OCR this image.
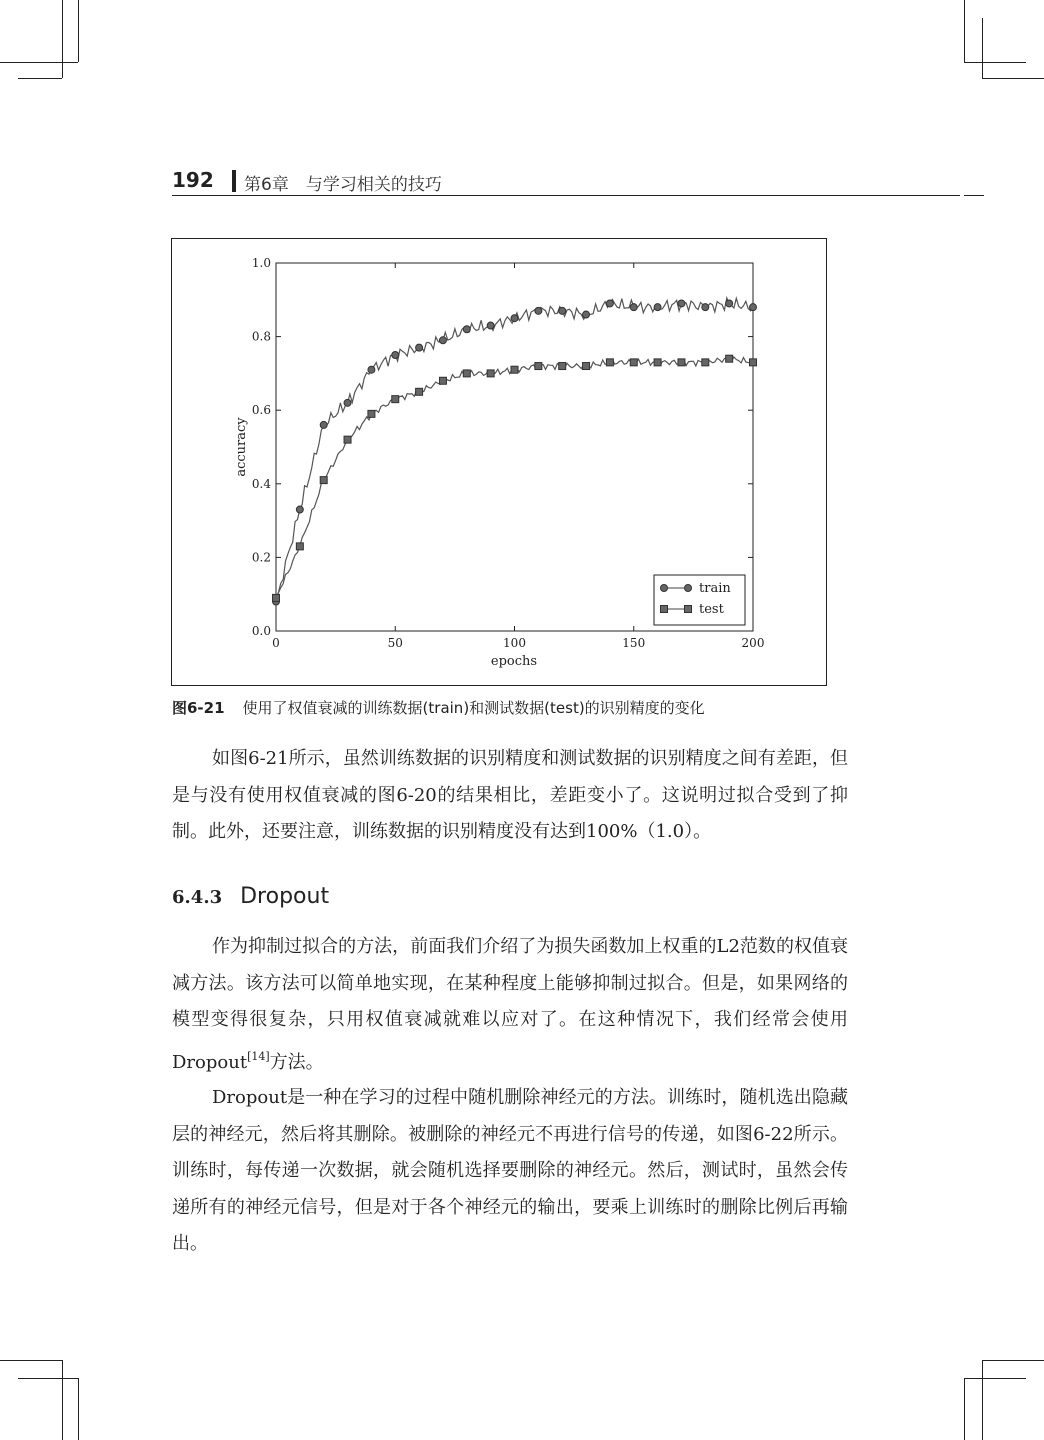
192 第6章　与学习相关的技巧
0	50	100	150	200
0.0
0.2
0.4
0.6
0.8
1.0
epochs
accuracy
train
test
图6-21 使用了权值衰减的训练数据(train)和测试数据(test)的识别精度的变化
如图6-21所示，虽然训练数据的识别精度和测试数据的识别精度之间有差距，但是与没有使用权值衰减的图6-20的结果相比，差距变小了。这说明过拟合受到了抑制。此外，还要注意，训练数据的识别精度没有达到100%（1.0）。
6.4.3 Dropout
作为抑制过拟合的方法，前面我们介绍了为损失函数加上权重的L2范数的权值衰减方法。该方法可以简单地实现，在某种程度上能够抑制过拟合。但是，如果网络的模型变得很复杂，只用权值衰减就难以应对了。在这种情况下，我们经常会使用Dropout[14]方法。
Dropout是一种在学习的过程中随机删除神经元的方法。训练时，随机选出隐藏层的神经元，然后将其删除。被删除的神经元不再进行信号的传递，如图6-22所示。训练时，每传递一次数据，就会随机选择要删除的神经元。然后，测试时，虽然会传递所有的神经元信号，但是对于各个神经元的输出，要乘上训练时的删除比例后再输出。
